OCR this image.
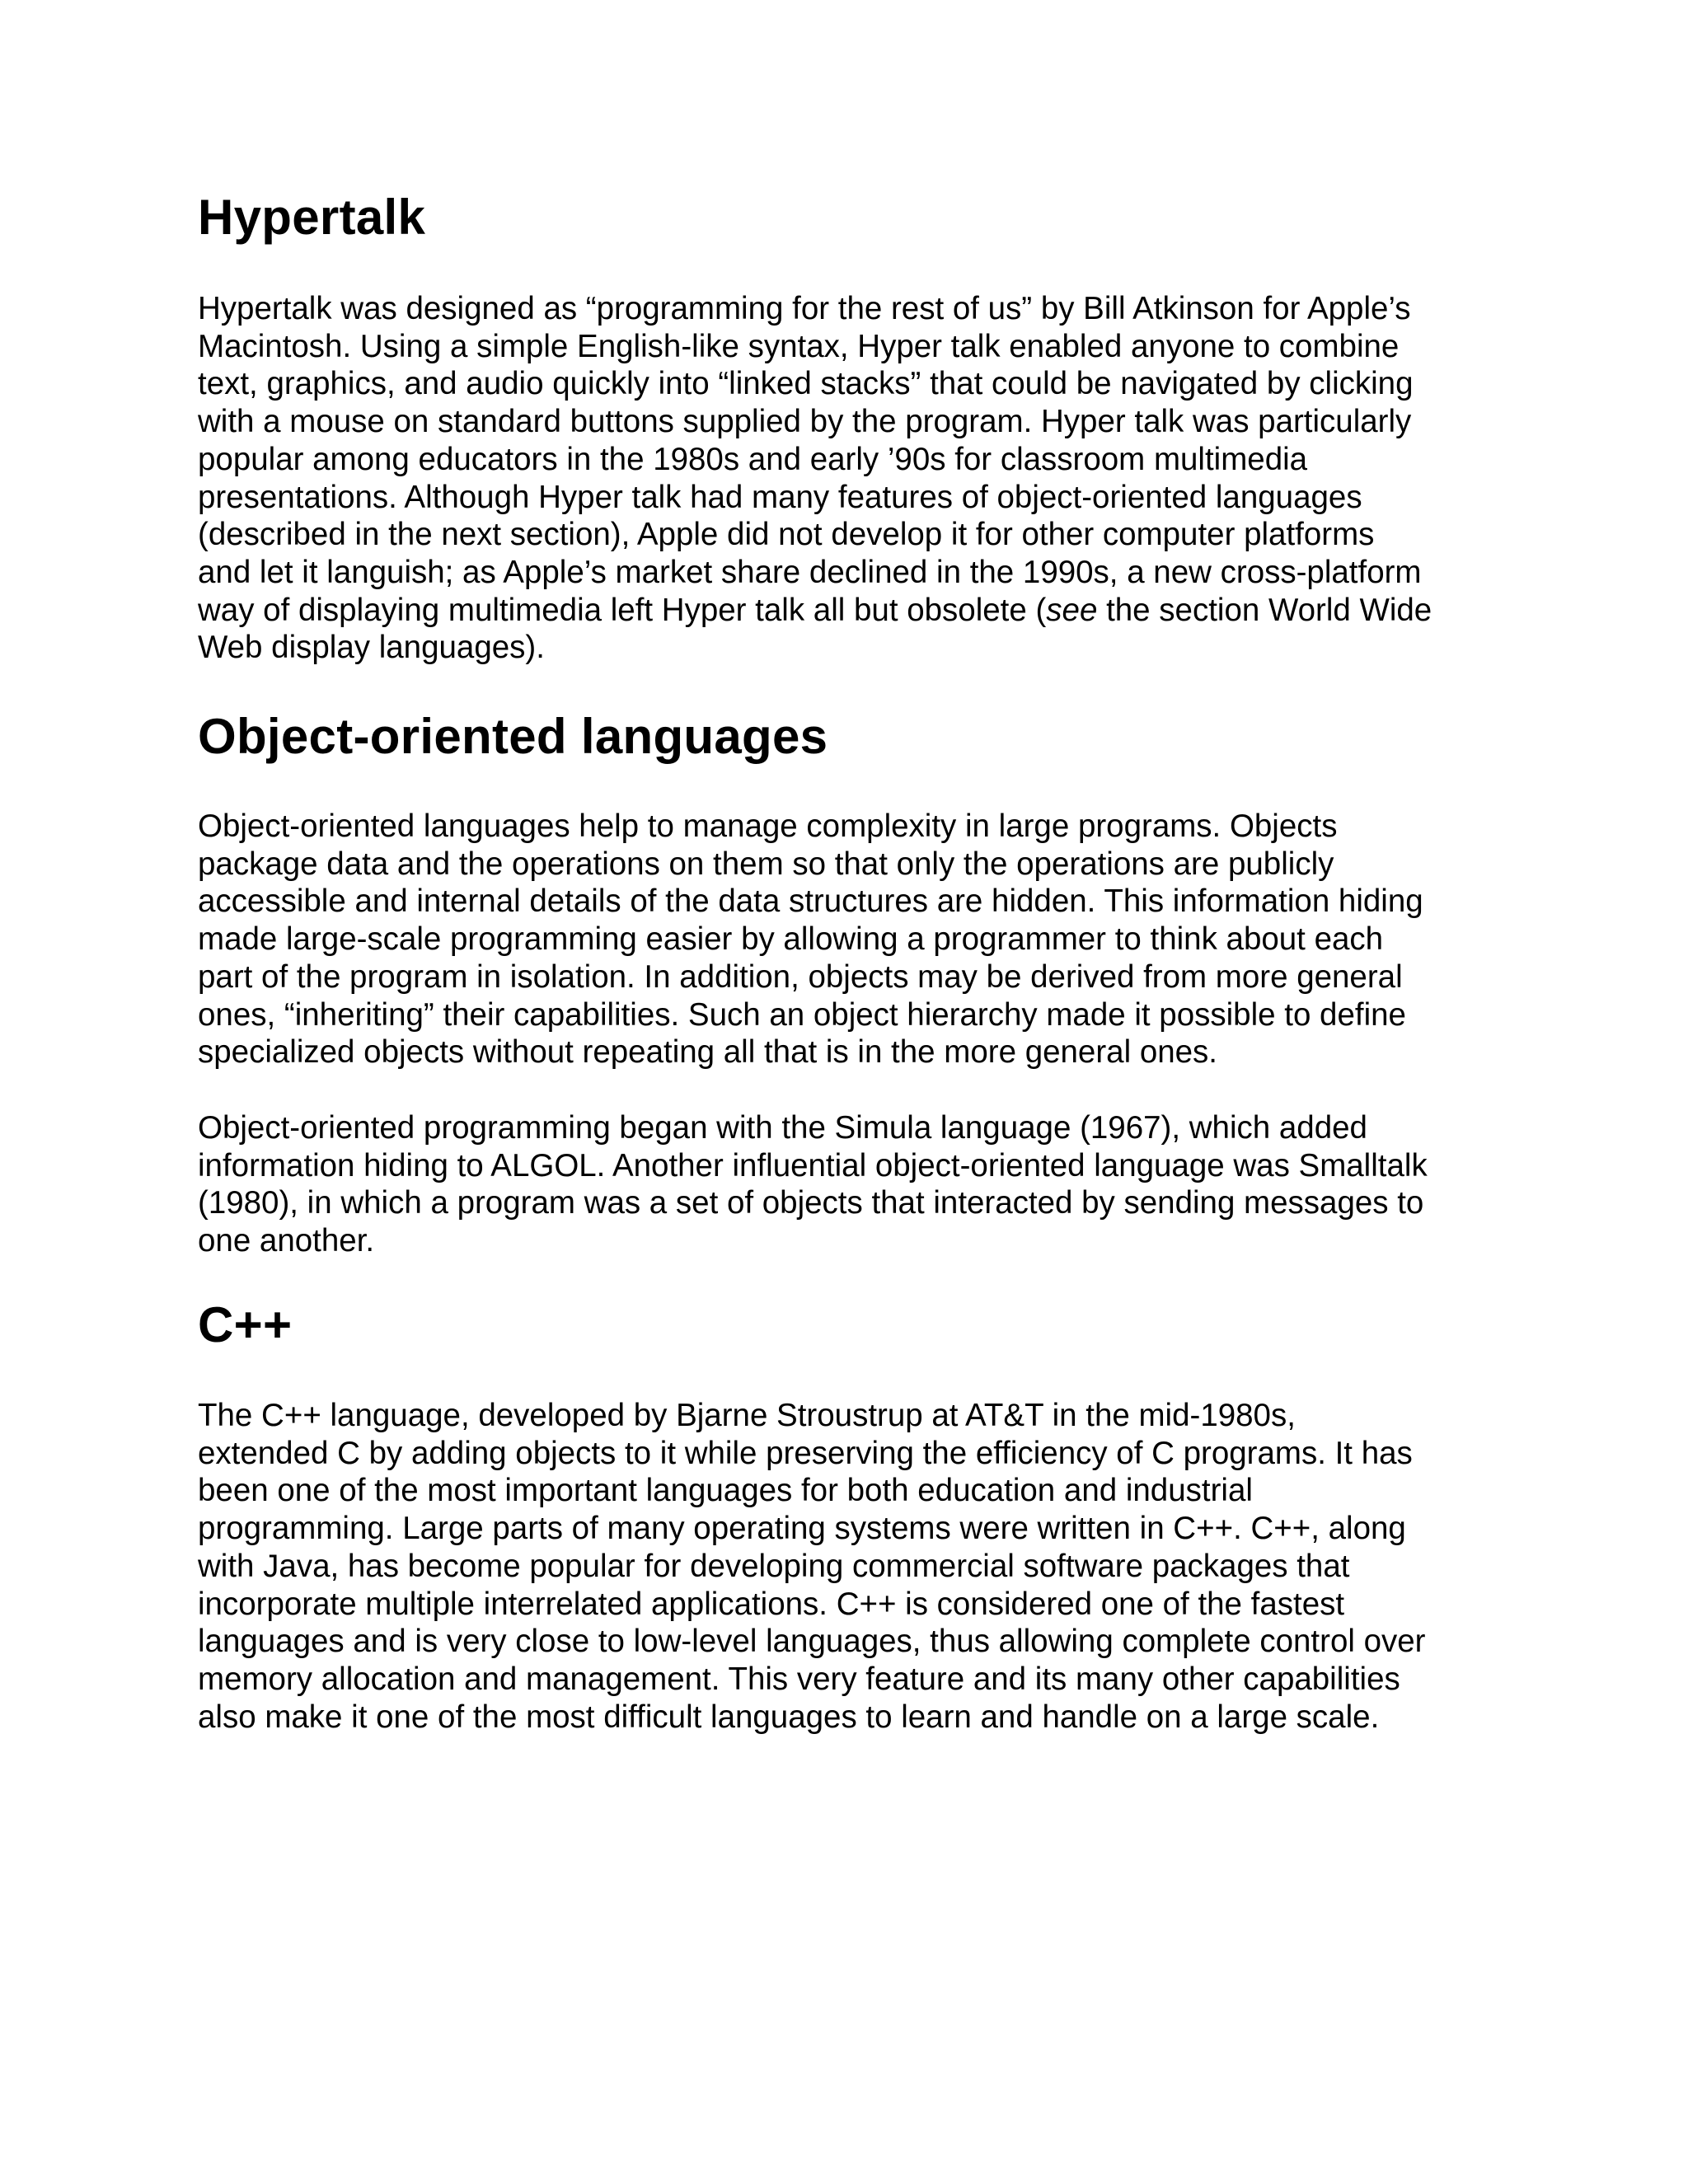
Hypertalk

Hypertalk was designed as “programming for the rest of us” by Bill Atkinson for Apple’s
Macintosh. Using a simple English-like syntax, Hyper talk enabled anyone to combine
text, graphics, and audio quickly into “linked stacks” that could be navigated by clicking
with a mouse on standard buttons supplied by the program. Hyper talk was particularly
popular among educators in the 1980s and early ’90s for classroom multimedia
presentations. Although Hyper talk had many features of object-oriented languages
(described in the next section), Apple did not develop it for other computer platforms
and let it languish; as Apple’s market share declined in the 1990s, a new cross-platform
way of displaying multimedia left Hyper talk all but obsolete (see the section World Wide
Web display languages).

Object-oriented languages

Object-oriented languages help to manage complexity in large programs. Objects
package data and the operations on them so that only the operations are publicly
accessible and internal details of the data structures are hidden. This information hiding
made large-scale programming easier by allowing a programmer to think about each
part of the program in isolation. In addition, objects may be derived from more general
ones, “inheriting” their capabilities. Such an object hierarchy made it possible to define
specialized objects without repeating all that is in the more general ones.

Object-oriented programming began with the Simula language (1967), which added
information hiding to ALGOL. Another influential object-oriented language was Smalltalk
(1980), in which a program was a set of objects that interacted by sending messages to
one another.

C++

The C++ language, developed by Bjarne Stroustrup at AT&T in the mid-1980s,
extended C by adding objects to it while preserving the efficiency of C programs. It has
been one of the most important languages for both education and industrial
programming. Large parts of many operating systems were written in C++. C++, along
with Java, has become popular for developing commercial software packages that
incorporate multiple interrelated applications. C++ is considered one of the fastest
languages and is very close to low-level languages, thus allowing complete control over
memory allocation and management. This very feature and its many other capabilities
also make it one of the most difficult languages to learn and handle on a large scale.
